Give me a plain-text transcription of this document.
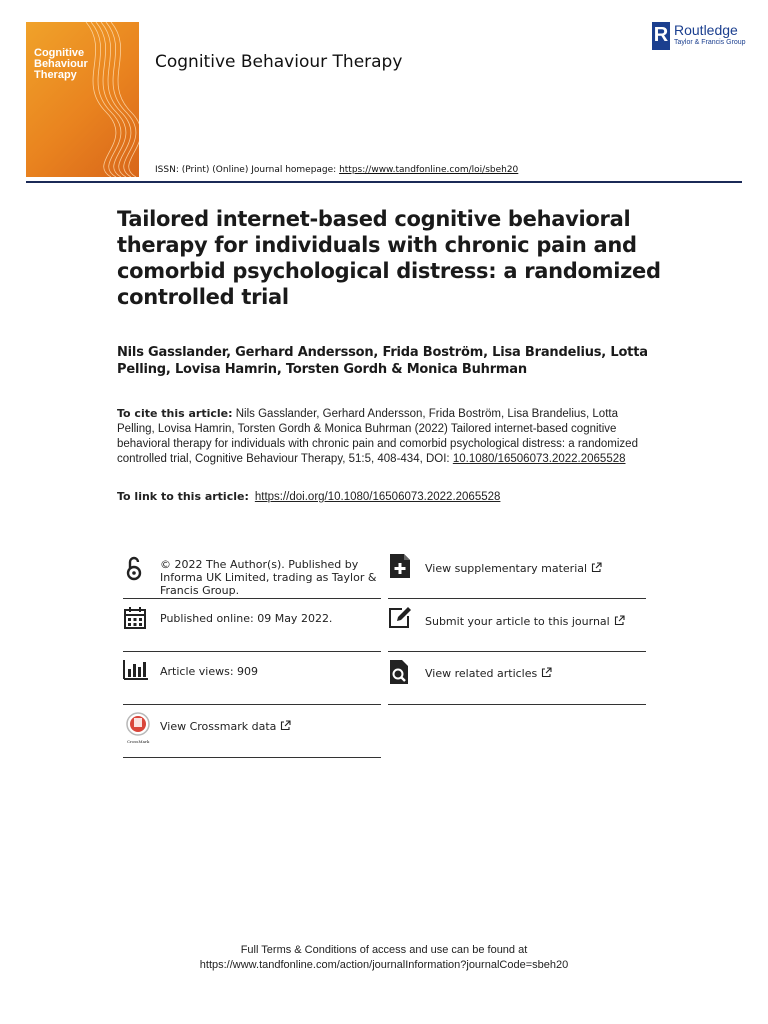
Cognitive
Behaviour
Therapy
Cognitive Behaviour Therapy
ISSN: (Print) (Online) Journal homepage: https://www.tandfonline.com/loi/sbeh20
R Routledge
Taylor & Francis Group
Tailored internet-based cognitive behavioral therapy for individuals with chronic pain and comorbid psychological distress: a randomized controlled trial
Nils Gasslander, Gerhard Andersson, Frida Boström, Lisa Brandelius, Lotta Pelling, Lovisa Hamrin, Torsten Gordh & Monica Buhrman
To cite this article: Nils Gasslander, Gerhard Andersson, Frida Boström, Lisa Brandelius, Lotta Pelling, Lovisa Hamrin, Torsten Gordh & Monica Buhrman (2022) Tailored internet-based cognitive behavioral therapy for individuals with chronic pain and comorbid psychological distress: a randomized controlled trial, Cognitive Behaviour Therapy, 51:5, 408-434, DOI: 10.1080/16506073.2022.2065528
To link to this article: https://doi.org/10.1080/16506073.2022.2065528
© 2022 The Author(s). Published by Informa UK Limited, trading as Taylor & Francis Group.
Published online: 09 May 2022.
Article views: 909
CrossMark
View Crossmark data
View supplementary material
Submit your article to this journal
View related articles
Full Terms & Conditions of access and use can be found at
https://www.tandfonline.com/action/journalInformation?journalCode=sbeh20
